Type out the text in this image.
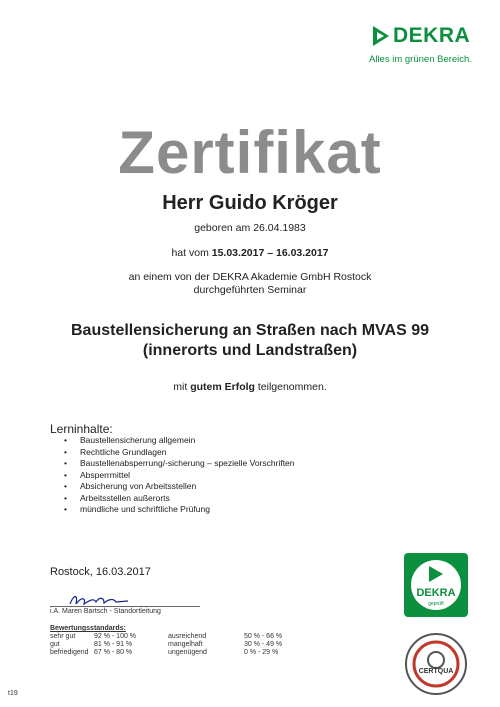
DEKRA
Alles im grünen Bereich.
Zertifikat
Herr Guido Kröger
geboren am 26.04.1983
hat vom 15.03.2017 – 16.03.2017
an einem von der DEKRA Akademie GmbH Rostock
durchgeführten Seminar
Baustellensicherung an Straßen nach MVAS 99
(innerorts und Landstraßen)
mit gutem Erfolg teilgenommen.
Lerninhalte:
• Baustellensicherung allgemein
• Rechtliche Grundlagen
• Baustellenabsperrung/-sicherung – spezielle Vorschriften
• Absperrmittel
• Absicherung von Arbeitsstellen
• Arbeitsstellen außerorts
• mündliche und schriftliche Prüfung
Rostock, 16.03.2017
i.A. Maren Bartsch - Standortleitung
Bewertungsstandards:
sehr gut	92 % - 100 %	ausreichend	50 % - 66 %
gut	81 % - 91 %	mangelhaft	30 % - 49 %
befriedigend	67 % - 80 %	ungenügend	0 % - 29 %
DEKRA
geprüft
CERTQUA
t19
